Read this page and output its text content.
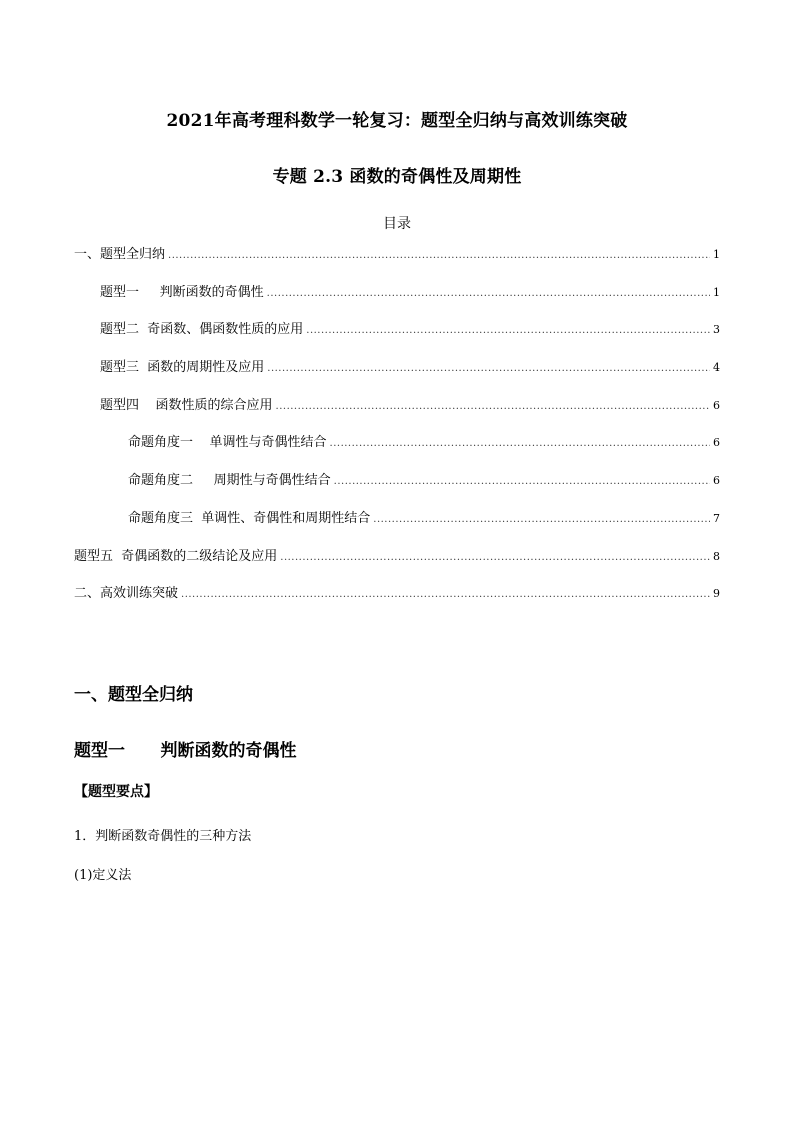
2021年高考理科数学一轮复习：题型全归纳与高效训练突破
专题 2.3 函数的奇偶性及周期性
目录
一、题型全归纳 .....	1
题型一     判断函数的奇偶性 .....	1
题型二  奇函数、偶函数性质的应用 .....	3
题型三  函数的周期性及应用 .....	4
题型四    函数性质的综合应用 .....	6
命题角度一    单调性与奇偶性结合 .....	6
命题角度二     周期性与奇偶性结合 .....	6
命题角度三  单调性、奇偶性和周期性结合 .....	7
题型五  奇偶函数的二级结论及应用 .....	8
二、高效训练突破 .....	9
一、题型全归纳
题型一      判断函数的奇偶性
【题型要点】
1．判断函数奇偶性的三种方法
(1)定义法
